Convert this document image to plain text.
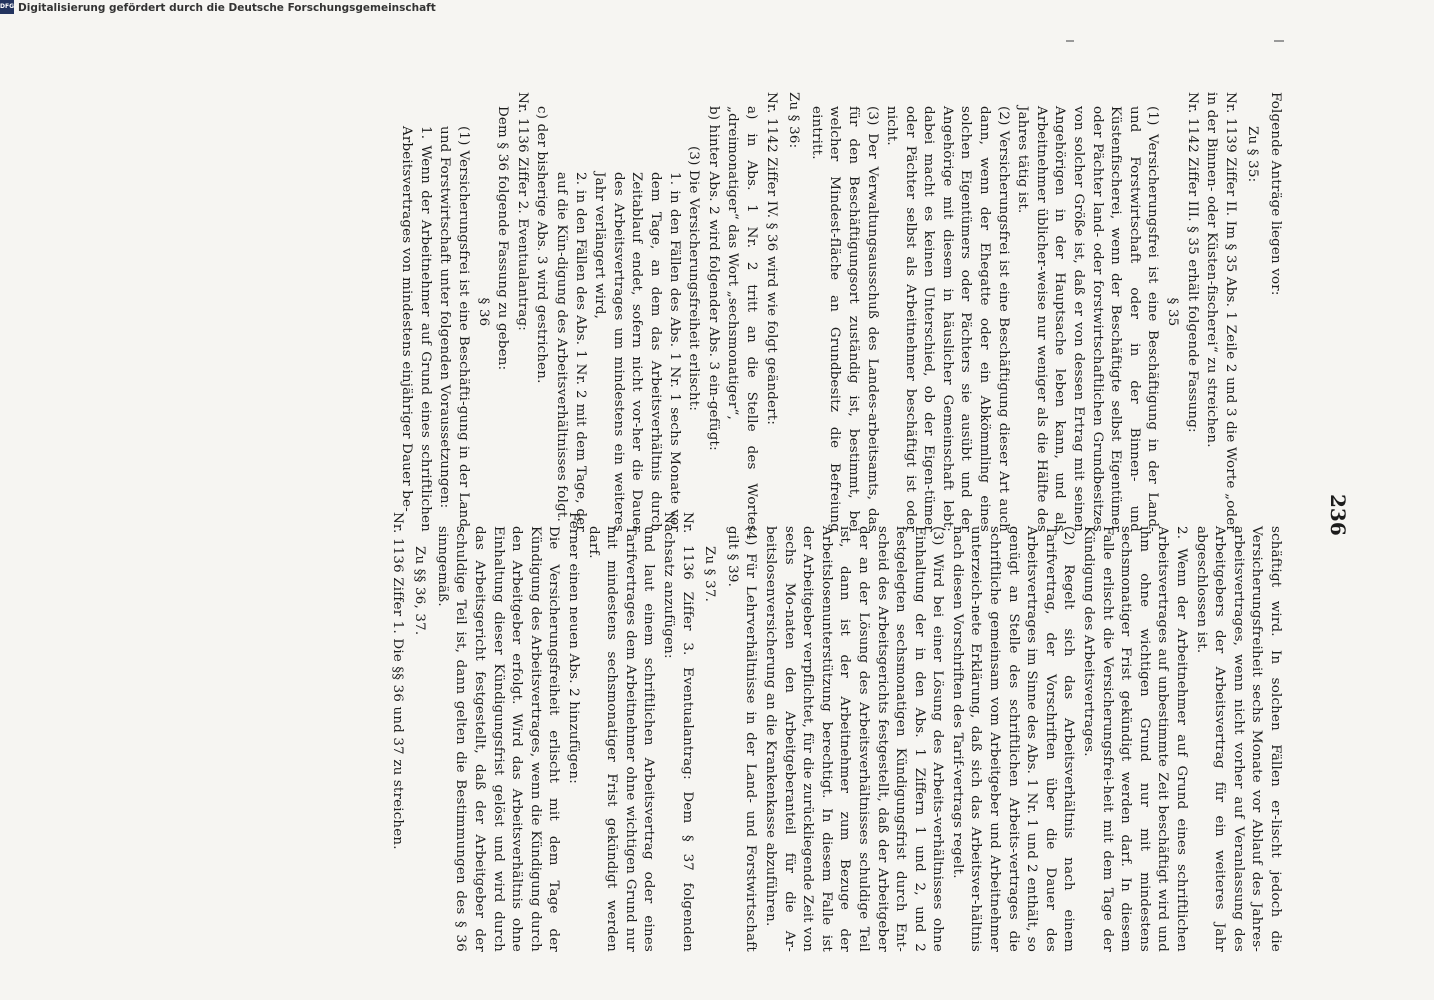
DFG Digitalisierung gefördert durch die Deutsche Forschungsgemeinschaft
236

Folgende Anträge liegen vor:

Zu § 35:

Nr. 1139 Ziffer II. Im § 35 Abs. 1 Zeile 2 und 3 die Worte „oder in der Binnen- oder Küsten-fischerei“ zu streichen.

Nr. 1142 Ziffer III. § 35 erhält folgende Fassung:

§ 35

(1) Versicherungsfrei ist eine Beschäftigung in der Land- und Forstwirtschaft oder in der Binnen- und Küstenfischerei, wenn der Beschäftigte selbst Eigentümer oder Pächter land- oder forstwirtschaftlichen Grundbesitzes von solcher Größe ist, daß er von dessen Ertrag mit seinen Angehörigen in der Hauptsache leben kann, und als Arbeitnehmer üblicher-weise nur weniger als die Hälfte des Jahres tätig ist.

(2) Versicherungsfrei ist eine Beschäftigung dieser Art auch dann, wenn der Ehegatte oder ein Abkömmling eines solchen Eigentümers oder Pächters sie ausübt und der Angehörige mit diesem in häuslicher Gemeinschaft lebt; dabei macht es keinen Unterschied, ob der Eigen-tümer oder Pächter selbst als Arbeitnehmer beschäftigt ist oder nicht.

(3) Der Verwaltungsausschuß des Landes-arbeitsamts, das für den Beschäftigungsort zuständig ist, bestimmt, bei welcher Mindest-fläche an Grundbesitz die Befreiung eintritt.

Zu § 36:

Nr. 1142 Ziffer IV. § 36 wird wie folgt geändert:

a) in Abs. 1 Nr. 2 tritt an die Stelle des Wortes „dreimonatiger“ das Wort „sechsmonatiger“,

b) hinter Abs. 2 wird folgender Abs. 3 ein-gefügt:

(3) Die Versicherungsfreiheit erlischt:

1. in den Fällen des Abs. 1 Nr. 1 sechs Monate vor dem Tage, an dem das Arbeitsverhältnis durch Zeitablauf endet, sofern nicht vor-her die Dauer des Arbeitsvertrages um mindestens ein weiteres Jahr verlängert wird,

2. in den Fällen des Abs. 1 Nr. 2 mit dem Tage, der auf die Kün-digung des Arbeitsverhältnisses folgt.

c) der bisherige Abs. 3 wird gestrichen.

Nr. 1136 Ziffer 2. Eventualantrag:

Dem § 36 folgende Fassung zu geben:

§ 36

(1) Versicherungsfrei ist eine Beschäfti-gung in der Land- und Forstwirtschaft unter folgenden Voraussetzungen:

1. Wenn der Arbeitnehmer auf Grund eines schriftlichen Arbeitsvertrages von mindestens einjähriger Dauer be-

schäftigt wird. In solchen Fällen er-lischt jedoch die Versicherungsfreiheit sechs Monate vor Ablauf des Jahres-arbeitsvertrages, wenn nicht vorher auf Veranlassung des Arbeitgebers der Arbeitsvertrag für ein weiteres Jahr abgeschlossen ist.

2. Wenn der Arbeitnehmer auf Grund eines schriftlichen Arbeitsvertrages auf unbestimmte Zeit beschäftigt wird und ihm ohne wichtigen Grund nur mit mindestens sechsmonatiger Frist gekündigt werden darf. In diesem Falle erlischt die Versicherungsfrei-heit mit dem Tage der Kündigung des Arbeitsvertrages.

(2) Regelt sich das Arbeitsverhältnis nach einem Tarifvertrag, der Vorschriften über die Dauer des Arbeitsvertrages im Sinne des Abs. 1 Nr. 1 und 2 enthält, so genügt an Stelle des schriftlichen Arbeits-vertrages die schriftliche gemeinsam vom Arbeitgeber und Arbeitnehmer unterzeich-nete Erklärung, daß sich das Arbeitsver-hältnis nach diesen Vorschriften des Tarif-vertrags regelt.

(3) Wird bei einer Lösung des Arbeits-verhältnisses ohne Einhaltung der in den Abs. 1 Ziffern 1 und 2, und 2 festgelegten sechsmonatigen Kündigungsfrist durch Ent-scheid des Arbeitsgerichts festgestellt, daß der Arbeitgeber der an der Lösung des Arbeitsverhältnisses schuldige Teil ist, dann ist der Arbeitnehmer zum Bezuge der Arbeitslosenunterstützung berechtigt. In diesem Falle ist der Arbeitgeber verpflichtet, für die zurückliegende Zeit von sechs Mo-naten den Arbeitgeberanteil für die Ar-beitslosenversicherung an die Krankenkasse abzuführen.

(4) Für Lehrverhältnisse in der Land- und Forstwirtschaft gilt § 39.

Zu § 37.

Nr. 1136 Ziffer 3. Eventualantrag: Dem § 37 folgenden Nachsatz anzufügen:

und laut einem schriftlichen Arbeitsvertrag oder eines Tarifvertrages dem Arbeitnehmer ohne wichtigen Grund nur mit mindestens sechsmonatiger Frist gekündigt werden darf.

Ferner einen neuen Abs. 2 hinzufügen:

Die Versicherungsfreiheit erlischt mit dem Tage der Kündigung des Arbeitsvertrages, wenn die Kündigung durch den Arbeitgeber erfolgt. Wird das Arbeitsverhältnis ohne Einhaltung dieser Kündigungsfrist gelöst und wird durch das Arbeitsgericht festgestellt, daß der Arbeitgeber der schuldige Teil ist, dann gelten die Bestimmungen des § 36 sinngemäß.

Zu §§ 36, 37.

Nr. 1136 Ziffer 1. Die §§ 36 und 37 zu streichen.
